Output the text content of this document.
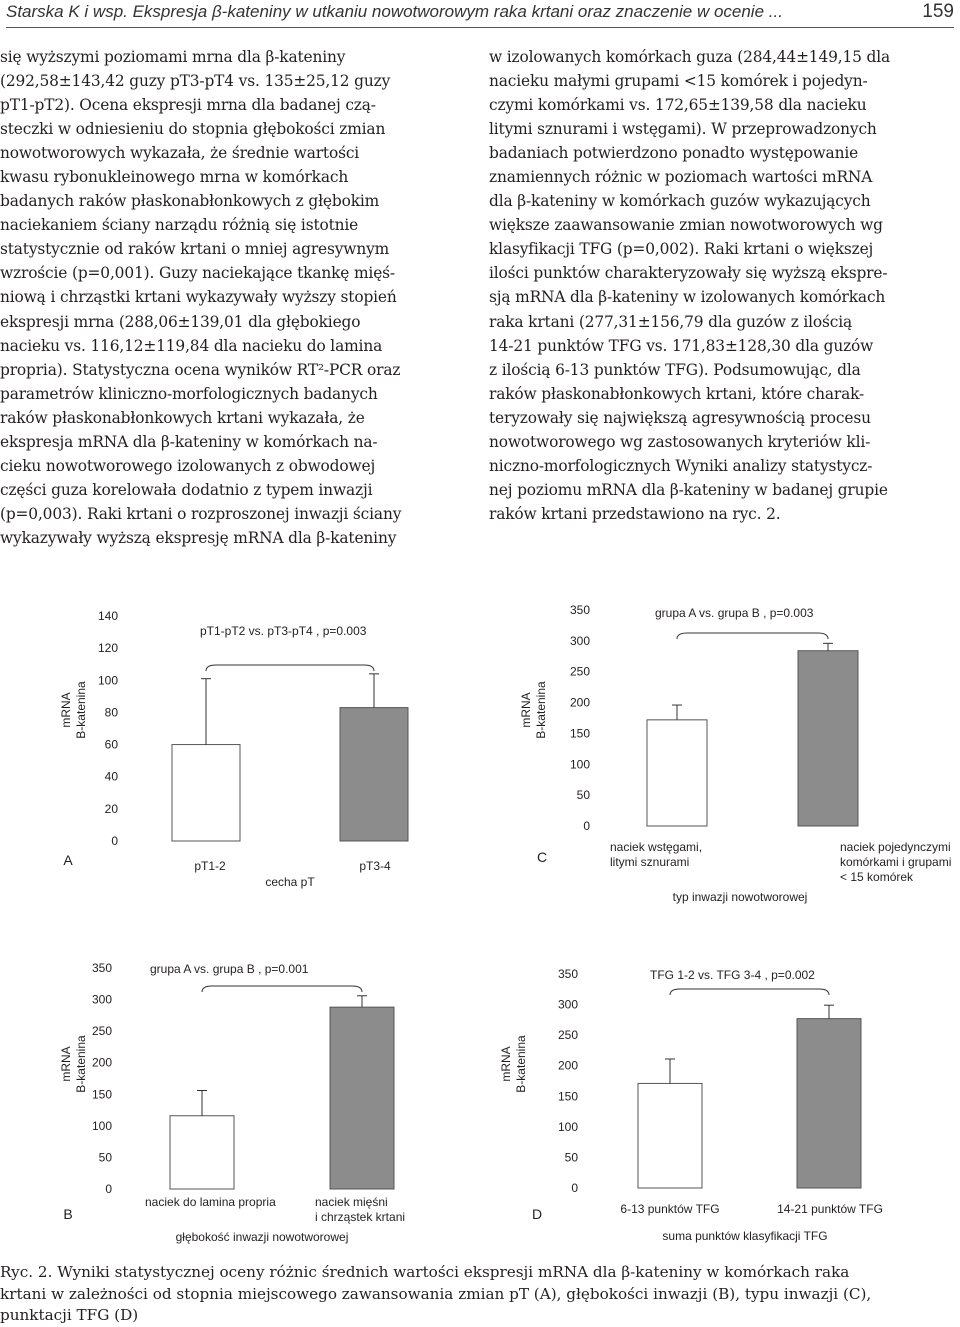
Starska K i wsp. Ekspresja β-kateniny w utkaniu nowotworowym raka krtani oraz znaczenie w ocenie ...	159

się wyższymi poziomami mrna dla β-kateniny

(292,58±143,42 guzy pT3-pT4 vs. 135±25,12 guzy

pT1-pT2). Ocena ekspresji mrna dla badanej czą-

steczki w odniesieniu do stopnia głębokości zmian

nowotworowych wykazała, że średnie wartości

kwasu rybonukleinowego mrna w komórkach

badanych raków płaskonabłonkowych z głębokim

naciekaniem ściany narządu różnią się istotnie

statystycznie od raków krtani o mniej agresywnym

wzroście (p=0,001). Guzy naciekające tkankę mięś-

niową i chrząstki krtani wykazywały wyższy stopień

ekspresji mrna (288,06±139,01 dla głębokiego

nacieku vs. 116,12±119,84 dla nacieku do lamina

propria). Statystyczna ocena wyników RT²-PCR oraz

parametrów kliniczno-morfologicznych badanych

raków płaskonabłonkowych krtani wykazała, że

ekspresja mRNA dla β-kateniny w komórkach na-

cieku nowotworowego izolowanych z obwodowej

części guza korelowała dodatnio z typem inwazji

(p=0,003). Raki krtani o rozproszonej inwazji ściany

wykazywały wyższą ekspresję mRNA dla β-kateniny

w izolowanych komórkach guza (284,44±149,15 dla

nacieku małymi grupami <15 komórek i pojedyn-

czymi komórkami vs. 172,65±139,58 dla nacieku

litymi sznurami i wstęgami). W przeprowadzonych

badaniach potwierdzono ponadto występowanie

znamiennych różnic w poziomach wartości mRNA

dla β-kateniny w komórkach guzów wykazujących

większe zaawansowanie zmian nowotworowych wg

klasyfikacji TFG (p=0,002). Raki krtani o większej

ilości punktów charakteryzowały się wyższą ekspre-

sją mRNA dla β-kateniny w izolowanych komórkach

raka krtani (277,31±156,79 dla guzów z ilością

14-21 punktów TFG vs. 171,83±128,30 dla guzów

z ilością 6-13 punktów TFG). Podsumowując, dla

raków płaskonabłonkowych krtani, które charak-

teryzowały się największą agresywnością procesu

nowotworowego wg zastosowanych kryteriów kli-

niczno-morfologicznych Wyniki analizy statystycz-

nej poziomu mRNA dla β-kateniny w badanej grupie

raków krtani przedstawiono na ryc. 2.

mRNA B-katenina
0
20
40
60
80
100
120
140
pT1-pT2 vs. pT3-pT4 , p=0.003
pT1-2	pT3-4
cecha pT
A
mRNA B-katenina
0
50
100
150
200
250
300
350	grupa A vs. grupa B , p=0.003
naciek wstęgami,
litymi sznurami
naciek pojedynczymi
komórkami i grupami
< 15 komórek
typ inwazji nowotworowej
C
mRNA B-katenina
0
50
100
150
200
250
300
350	grupa A vs. grupa B , p=0.001
naciek do lamina propria	naciek mięśni
i chrząstek krtani
głębokość inwazji nowotworowej
B
mRNA B-katenina
0
50
100
150
200
250
300
350	TFG 1-2 vs. TFG 3-4 , p=0.002
6-13 punktów TFG	14-21 punktów TFG
suma punktów klasyfikacji TFG
D

Ryc. 2. Wyniki statystycznej oceny różnic średnich wartości ekspresji mRNA dla β-kateniny w komórkach raka

krtani w zależności od stopnia miejscowego zawansowania zmian pT (A), głębokości inwazji (B), typu inwazji (C),

punktacji TFG (D)
